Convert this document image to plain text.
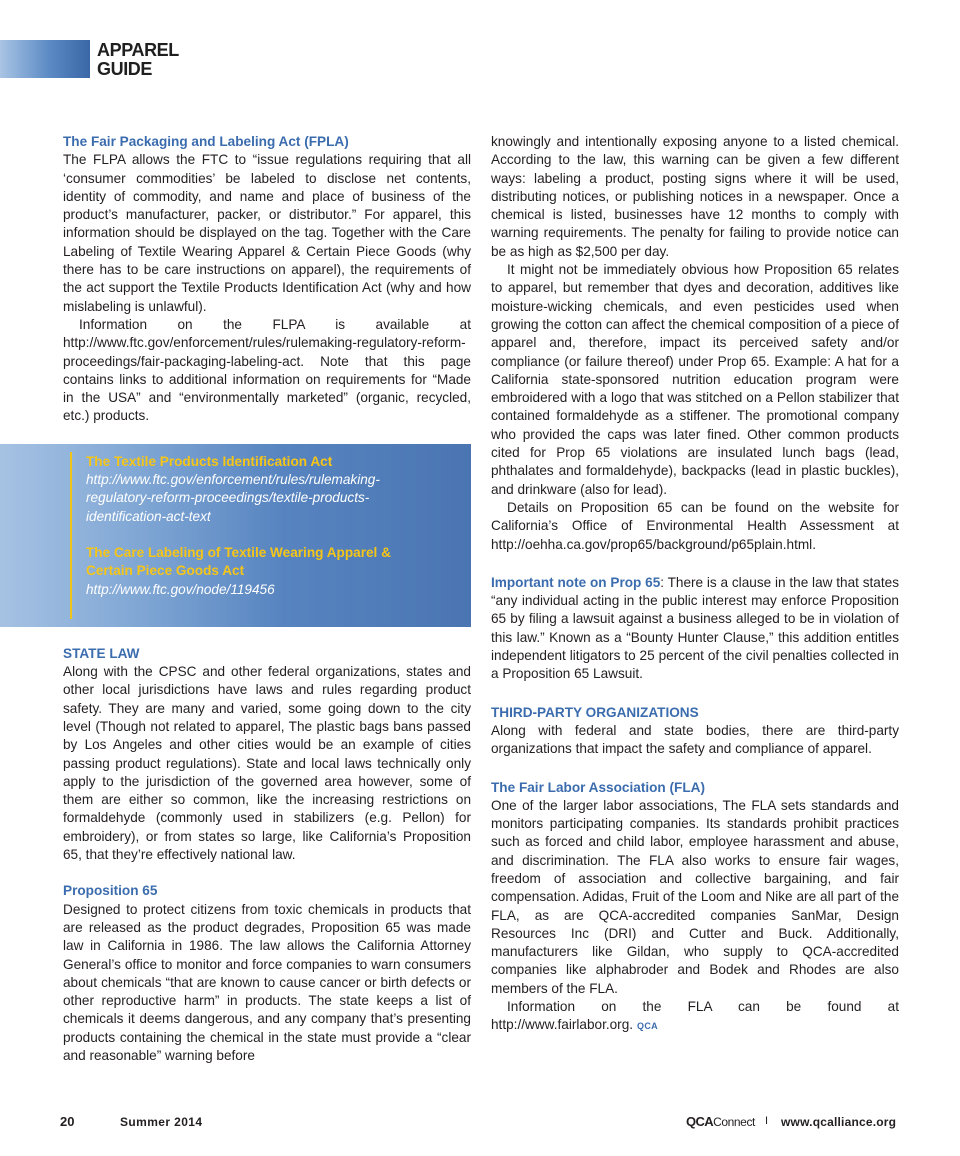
APPAREL
GUIDE
The Fair Packaging and Labeling Act (FPLA)

The FLPA allows the FTC to “issue regulations requiring that all ‘consumer commodities’ be labeled to disclose net contents, identity of commodity, and name and place of business of the product’s manufacturer, packer, or distributor.” For apparel, this information should be displayed on the tag. Together with the Care Labeling of Textile Wearing Apparel & Certain Piece Goods (why there has to be care instructions on apparel), the requirements of the act support the Textile Products Identification Act (why and how mislabeling is unlawful).

Information on the FLPA is available at http://www.ftc.gov/enforcement/rules/rulemaking-regulatory-reform-proceedings/fair-packaging-labeling-act. Note that this page contains links to additional information on requirements for “Made in the USA” and “environmentally marketed” (organic, recycled, etc.) products.

The Textile Products Identification Act
http://www.ftc.gov/enforcement/rules/rulemaking-regulatory-reform-proceedings/textile-products-identification-act-text
The Care Labeling of Textile Wearing Apparel & Certain Piece Goods Act
http://www.ftc.gov/node/119456
STATE LAW

Along with the CPSC and other federal organizations, states and other local jurisdictions have laws and rules regarding product safety. They are many and varied, some going down to the city level (Though not related to apparel, The plastic bags bans passed by Los Angeles and other cities would be an example of cities passing product regulations). State and local laws technically only apply to the jurisdiction of the governed area however, some of them are either so common, like the increasing restrictions on formaldehyde (commonly used in stabilizers (e.g. Pellon) for embroidery), or from states so large, like California’s Proposition 65, that they’re effectively national law.

Proposition 65

Designed to protect citizens from toxic chemicals in products that are released as the product degrades, Proposition 65 was made law in California in 1986. The law allows the California Attorney General’s office to monitor and force companies to warn consumers about chemicals “that are known to cause cancer or birth defects or other reproductive harm” in products. The state keeps a list of chemicals it deems dangerous, and any company that’s presenting products containing the chemical in the state must provide a “clear and reasonable” warning before

knowingly and intentionally exposing anyone to a listed chemical. According to the law, this warning can be given a few different ways: labeling a product, posting signs where it will be used, distributing notices, or publishing notices in a newspaper. Once a chemical is listed, businesses have 12 months to comply with warning requirements. The penalty for failing to provide notice can be as high as $2,500 per day.

It might not be immediately obvious how Proposition 65 relates to apparel, but remember that dyes and decoration, additives like moisture-wicking chemicals, and even pesticides used when growing the cotton can affect the chemical composition of a piece of apparel and, therefore, impact its perceived safety and/or compliance (or failure thereof) under Prop 65. Example: A hat for a California state-sponsored nutrition education program were embroidered with a logo that was stitched on a Pellon stabilizer that contained formaldehyde as a stiffener. The promotional company who provided the caps was later fined. Other common products cited for Prop 65 violations are insulated lunch bags (lead, phthalates and formaldehyde), backpacks (lead in plastic buckles), and drinkware (also for lead).

Details on Proposition 65 can be found on the website for California’s Office of Environmental Health Assessment at http://oehha.ca.gov/prop65/background/p65plain.html.

Important note on Prop 65: There is a clause in the law that states “any individual acting in the public interest may enforce Proposition 65 by filing a lawsuit against a business alleged to be in violation of this law.” Known as a “Bounty Hunter Clause,” this addition entitles independent litigators to 25 percent of the civil penalties collected in a Proposition 65 Lawsuit.

THIRD-PARTY ORGANIZATIONS

Along with federal and state bodies, there are third-party organizations that impact the safety and compliance of apparel.

The Fair Labor Association (FLA)

One of the larger labor associations, The FLA sets standards and monitors participating companies. Its standards prohibit practices such as forced and child labor, employee harassment and abuse, and discrimination. The FLA also works to ensure fair wages, freedom of association and collective bargaining, and fair compensation. Adidas, Fruit of the Loom and Nike are all part of the FLA, as are QCA-accredited companies SanMar, Design Resources Inc (DRI) and Cutter and Buck. Additionally, manufacturers like Gildan, who supply to QCA-accredited companies like alphabroder and Bodek and Rhodes are also members of the FLA.

Information on the FLA can be found at http://www.fairlabor.org. QCA

20	Summer 2014	QCAConnect I www.qcalliance.org
